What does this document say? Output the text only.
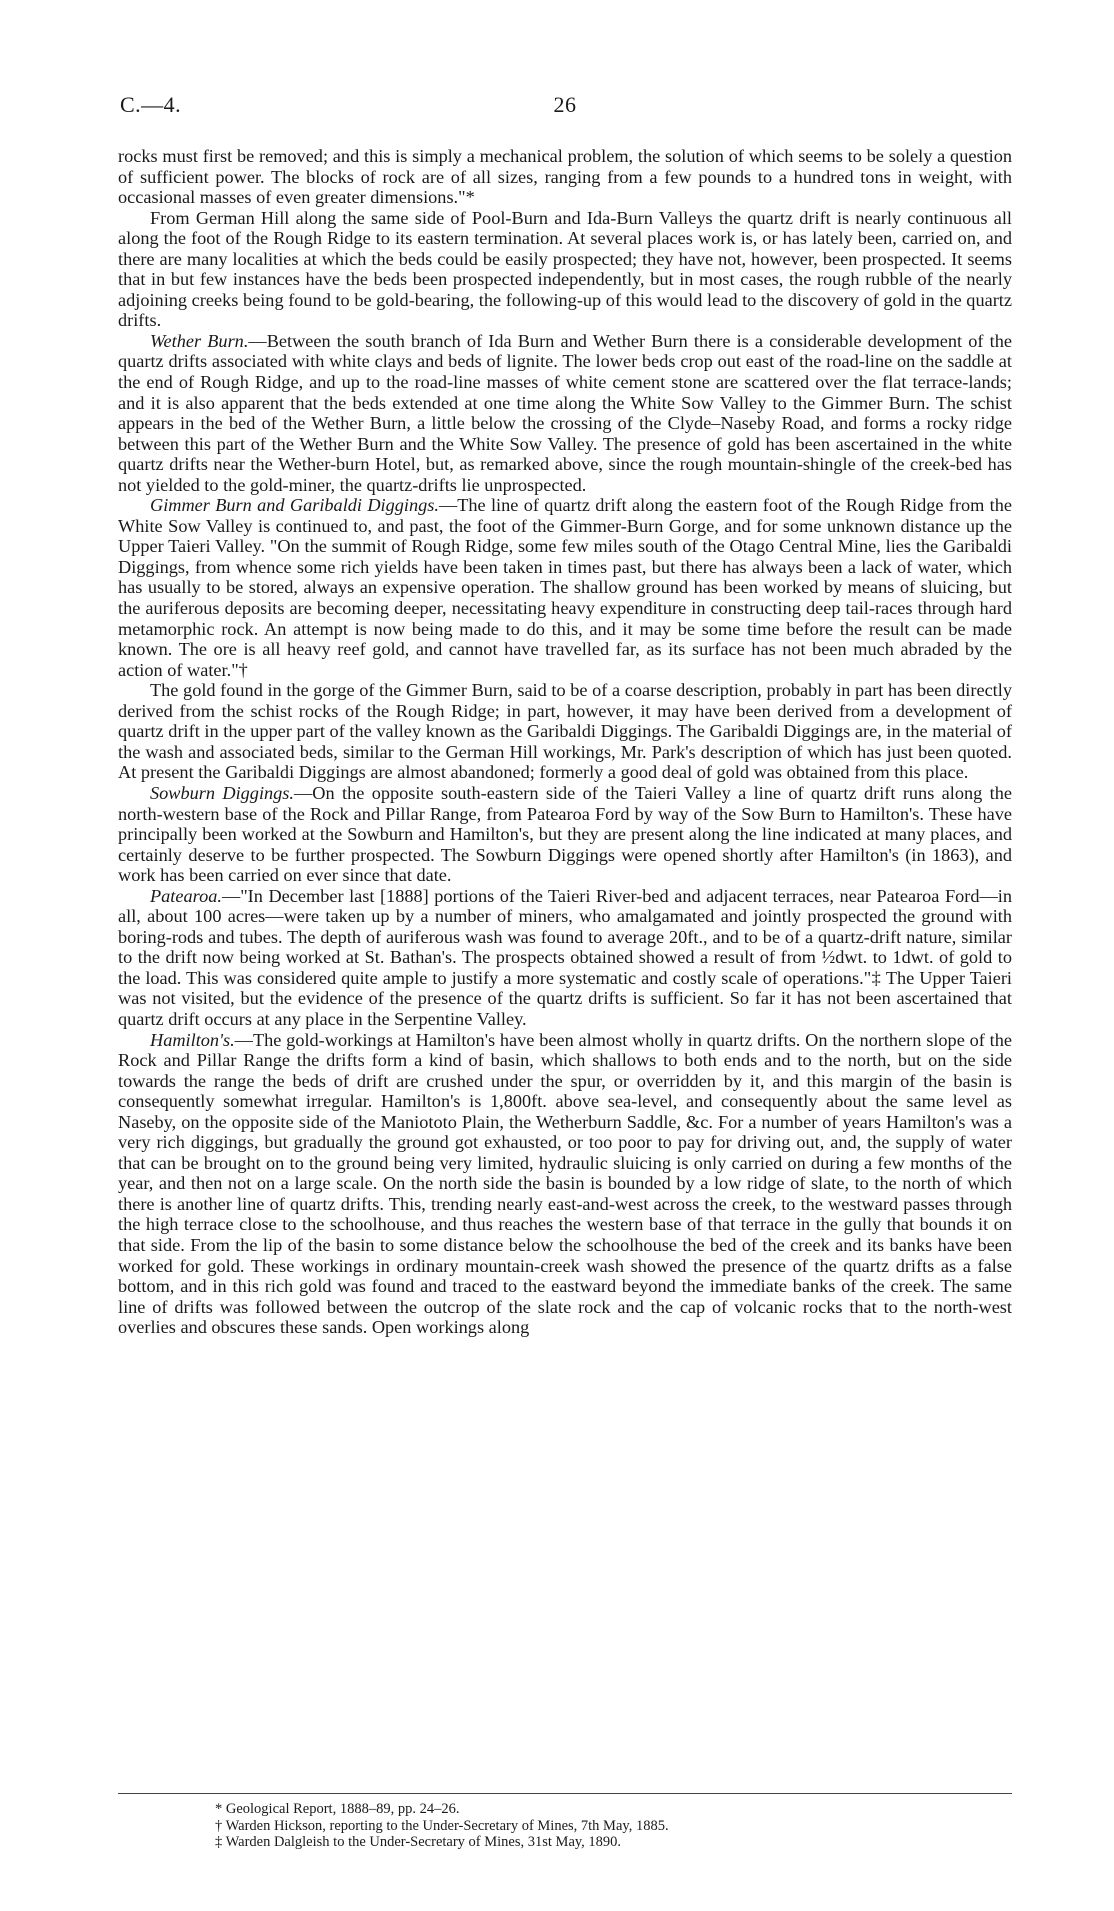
C.—4.	26

rocks must first be removed; and this is simply a mechanical problem, the solution of which seems to be solely a question of sufficient power. The blocks of rock are of all sizes, ranging from a few pounds to a hundred tons in weight, with occasional masses of even greater dimensions."*

From German Hill along the same side of Pool-Burn and Ida-Burn Valleys the quartz drift is nearly continuous all along the foot of the Rough Ridge to its eastern termination. At several places work is, or has lately been, carried on, and there are many localities at which the beds could be easily prospected; they have not, however, been prospected. It seems that in but few instances have the beds been prospected independently, but in most cases, the rough rubble of the nearly adjoining creeks being found to be gold-bearing, the following-up of this would lead to the discovery of gold in the quartz drifts.

Wether Burn.—Between the south branch of Ida Burn and Wether Burn there is a considerable development of the quartz drifts associated with white clays and beds of lignite. The lower beds crop out east of the road-line on the saddle at the end of Rough Ridge, and up to the road-line masses of white cement stone are scattered over the flat terrace-lands; and it is also apparent that the beds extended at one time along the White Sow Valley to the Gimmer Burn. The schist appears in the bed of the Wether Burn, a little below the crossing of the Clyde–Naseby Road, and forms a rocky ridge between this part of the Wether Burn and the White Sow Valley. The presence of gold has been ascertained in the white quartz drifts near the Wether-burn Hotel, but, as remarked above, since the rough mountain-shingle of the creek-bed has not yielded to the gold-miner, the quartz-drifts lie unprospected.

Gimmer Burn and Garibaldi Diggings.—The line of quartz drift along the eastern foot of the Rough Ridge from the White Sow Valley is continued to, and past, the foot of the Gimmer-Burn Gorge, and for some unknown distance up the Upper Taieri Valley. "On the summit of Rough Ridge, some few miles south of the Otago Central Mine, lies the Garibaldi Diggings, from whence some rich yields have been taken in times past, but there has always been a lack of water, which has usually to be stored, always an expensive operation. The shallow ground has been worked by means of sluicing, but the auriferous deposits are becoming deeper, necessitating heavy expenditure in constructing deep tail-races through hard metamorphic rock. An attempt is now being made to do this, and it may be some time before the result can be made known. The ore is all heavy reef gold, and cannot have travelled far, as its surface has not been much abraded by the action of water."†

The gold found in the gorge of the Gimmer Burn, said to be of a coarse description, probably in part has been directly derived from the schist rocks of the Rough Ridge; in part, however, it may have been derived from a development of quartz drift in the upper part of the valley known as the Garibaldi Diggings. The Garibaldi Diggings are, in the material of the wash and associated beds, similar to the German Hill workings, Mr. Park's description of which has just been quoted. At present the Garibaldi Diggings are almost abandoned; formerly a good deal of gold was obtained from this place.

Sowburn Diggings.—On the opposite south-eastern side of the Taieri Valley a line of quartz drift runs along the north-western base of the Rock and Pillar Range, from Patearoa Ford by way of the Sow Burn to Hamilton's. These have principally been worked at the Sowburn and Hamilton's, but they are present along the line indicated at many places, and certainly deserve to be further prospected. The Sowburn Diggings were opened shortly after Hamilton's (in 1863), and work has been carried on ever since that date.

Patearoa.—"In December last [1888] portions of the Taieri River-bed and adjacent terraces, near Patearoa Ford—in all, about 100 acres—were taken up by a number of miners, who amalgamated and jointly prospected the ground with boring-rods and tubes. The depth of auriferous wash was found to average 20ft., and to be of a quartz-drift nature, similar to the drift now being worked at St. Bathan's. The prospects obtained showed a result of from ½dwt. to 1dwt. of gold to the load. This was considered quite ample to justify a more systematic and costly scale of operations."‡ The Upper Taieri was not visited, but the evidence of the presence of the quartz drifts is sufficient. So far it has not been ascertained that quartz drift occurs at any place in the Serpentine Valley.

Hamilton's.—The gold-workings at Hamilton's have been almost wholly in quartz drifts. On the northern slope of the Rock and Pillar Range the drifts form a kind of basin, which shallows to both ends and to the north, but on the side towards the range the beds of drift are crushed under the spur, or overridden by it, and this margin of the basin is consequently somewhat irregular. Hamilton's is 1,800ft. above sea-level, and consequently about the same level as Naseby, on the opposite side of the Maniototo Plain, the Wetherburn Saddle, &c. For a number of years Hamilton's was a very rich diggings, but gradually the ground got exhausted, or too poor to pay for driving out, and, the supply of water that can be brought on to the ground being very limited, hydraulic sluicing is only carried on during a few months of the year, and then not on a large scale. On the north side the basin is bounded by a low ridge of slate, to the north of which there is another line of quartz drifts. This, trending nearly east-and-west across the creek, to the westward passes through the high terrace close to the schoolhouse, and thus reaches the western base of that terrace in the gully that bounds it on that side. From the lip of the basin to some distance below the schoolhouse the bed of the creek and its banks have been worked for gold. These workings in ordinary mountain-creek wash showed the presence of the quartz drifts as a false bottom, and in this rich gold was found and traced to the eastward beyond the immediate banks of the creek. The same line of drifts was followed between the outcrop of the slate rock and the cap of volcanic rocks that to the north-west overlies and obscures these sands. Open workings along

* Geological Report, 1888–89, pp. 24–26.
† Warden Hickson, reporting to the Under-Secretary of Mines, 7th May, 1885.
‡ Warden Dalgleish to the Under-Secretary of Mines, 31st May, 1890.
